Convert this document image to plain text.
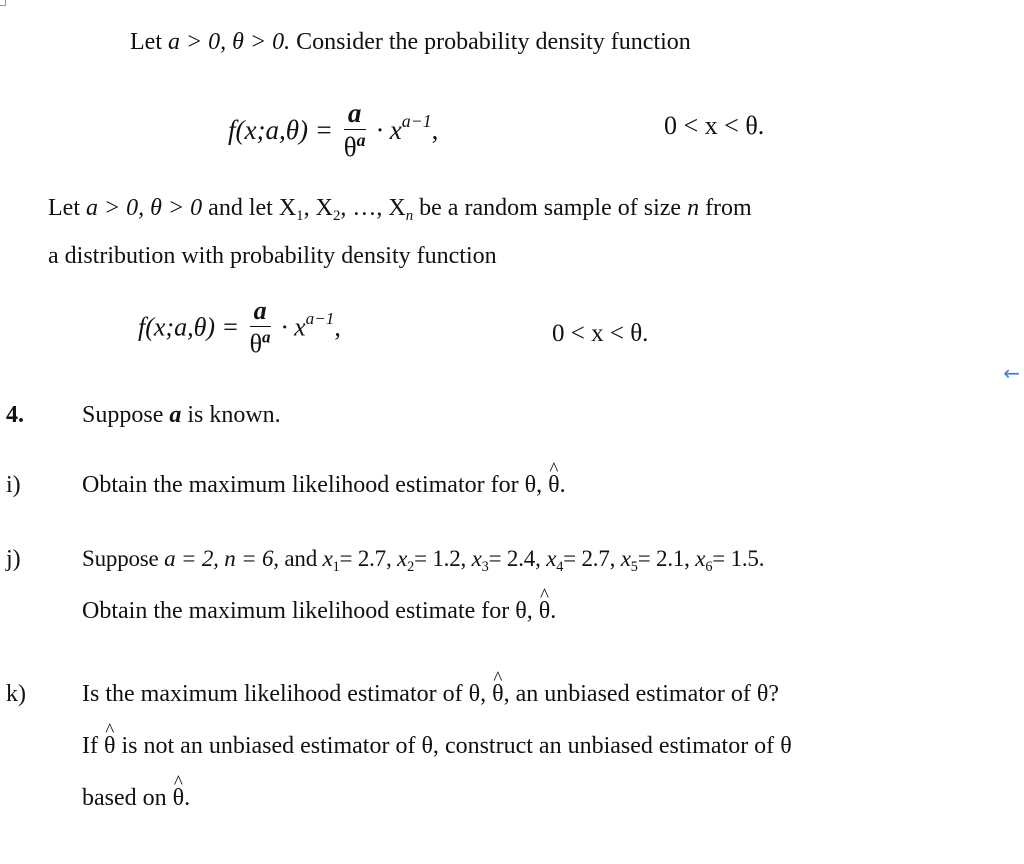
Let a > 0, θ > 0. Consider the probability density function
f(x;a,θ) = $\frac{a}{\theta^a} \cdot x^{a-1}$,	0 < x < θ.
Let a > 0, θ > 0 and let $X_1$, $X_2$, …, $X_n$ be a random sample of size n from
a distribution with probability density function
f(x;a,θ) = $\frac{a}{\theta^a} \cdot x^{a-1}$,	0 < x < θ.
←
4. Suppose a is known.
i)	Obtain the maximum likelihood estimator for θ, ^ θ.
j)	Suppose a = 2, n = 6, and $x_1= 2.7$, $x_2= 1.2$, $x_3= 2.4$, $x_4= 2.7$, $x_5= 2.1$, $x_6= 1.5$.
Obtain the maximum likelihood estimate for θ, ^ θ.
k) Is the maximum likelihood estimator of θ, ^ θ, an unbiased estimator of θ?
If ^ θ is not an unbiased estimator of θ, construct an unbiased estimator of θ
based on ^ θ.
